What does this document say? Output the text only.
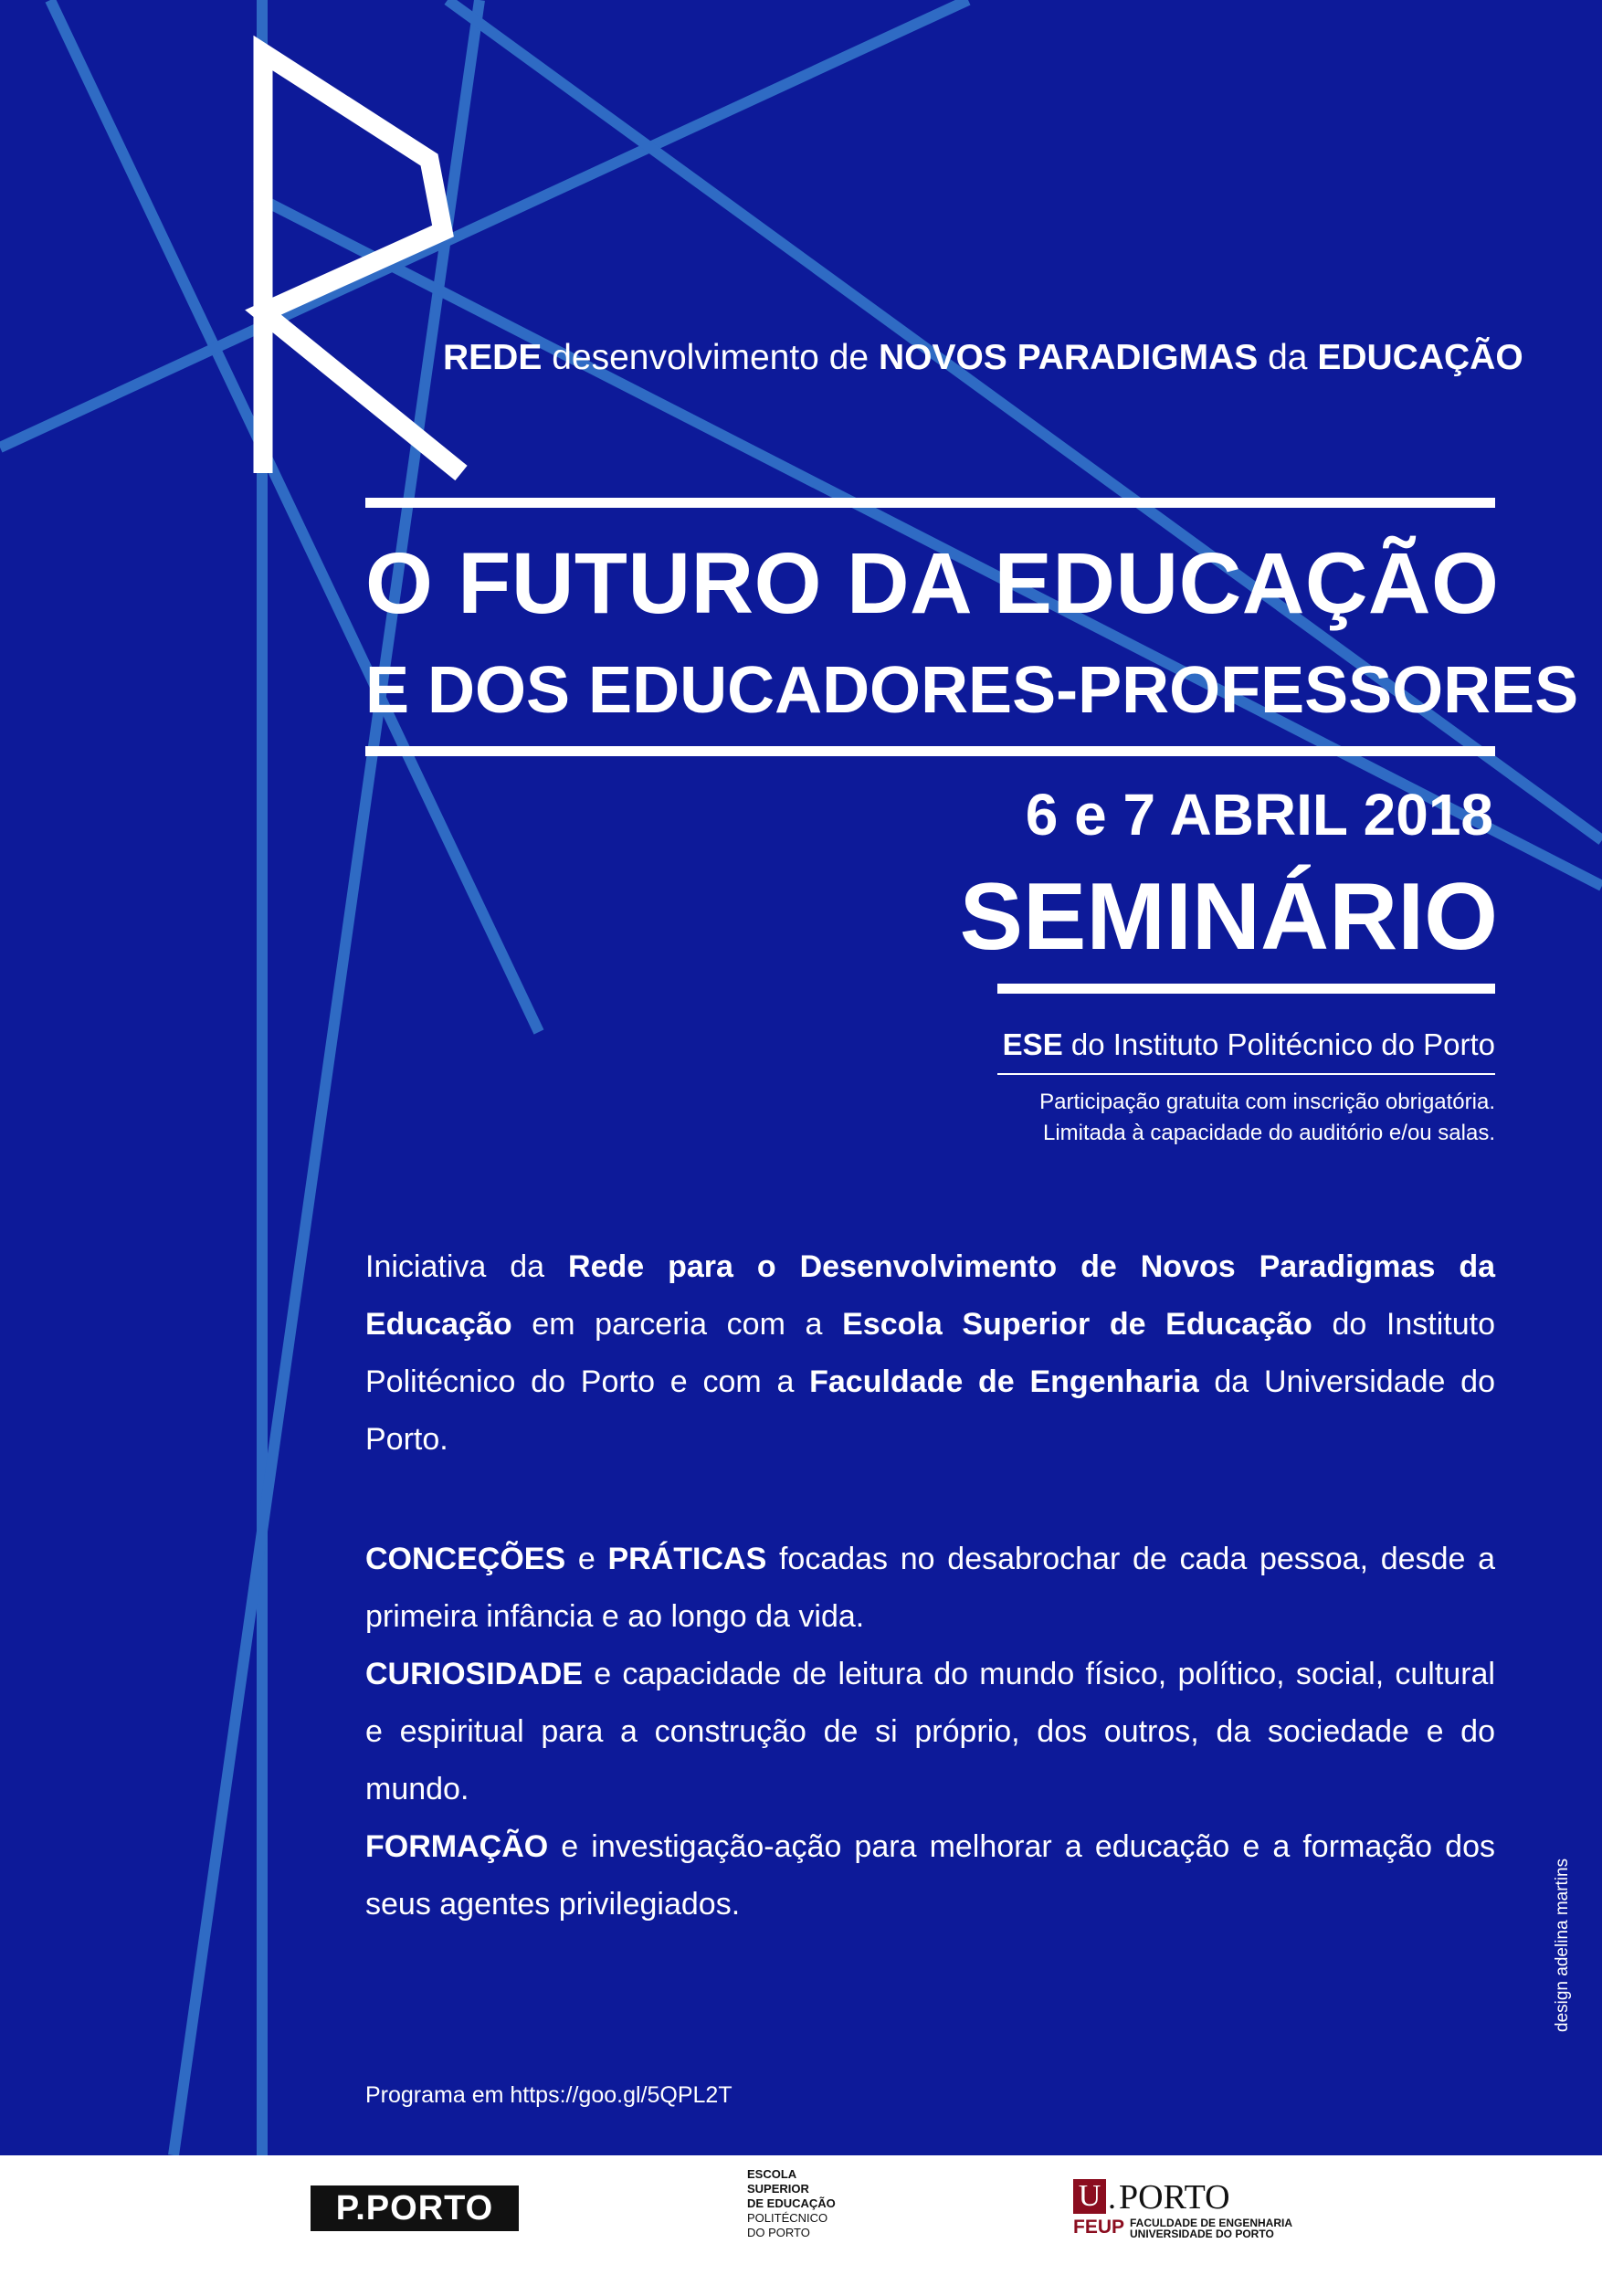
REDE desenvolvimento de NOVOS PARADIGMAS da EDUCAÇÃO
O FUTURO DA EDUCAÇÃO
E DOS EDUCADORES-PROFESSORES
6 e 7 ABRIL 2018
SEMINÁRIO
ESE do Instituto Politécnico do Porto
Participação gratuita com inscrição obrigatória.
Limitada à capacidade do auditório e/ou salas.
Iniciativa da Rede para o Desenvolvimento de Novos Paradigmas da Educação em parceria com a Escola Superior de Educação do Instituto Politécnico do Porto e com a Faculdade de Engenharia da Universidade do Porto.
CONCEÇÕES e PRÁTICAS focadas no desabrochar de cada pessoa, desde a primeira infância e ao longo da vida.
CURIOSIDADE e capacidade de leitura do mundo físico, político, social, cultural e espiritual para a construção de si próprio, dos outros, da sociedade e do mundo.
FORMAÇÃO e investigação-ação para melhorar a educação e a formação dos seus agentes privilegiados.
Programa em https://goo.gl/5QPL2T
design adelina martins
P.PORTO
ESCOLA
SUPERIOR
DE EDUCAÇÃO
POLITÉCNICO
DO PORTO
U . PORTO
FEUP FACULDADE DE ENGENHARIA
UNIVERSIDADE DO PORTO
